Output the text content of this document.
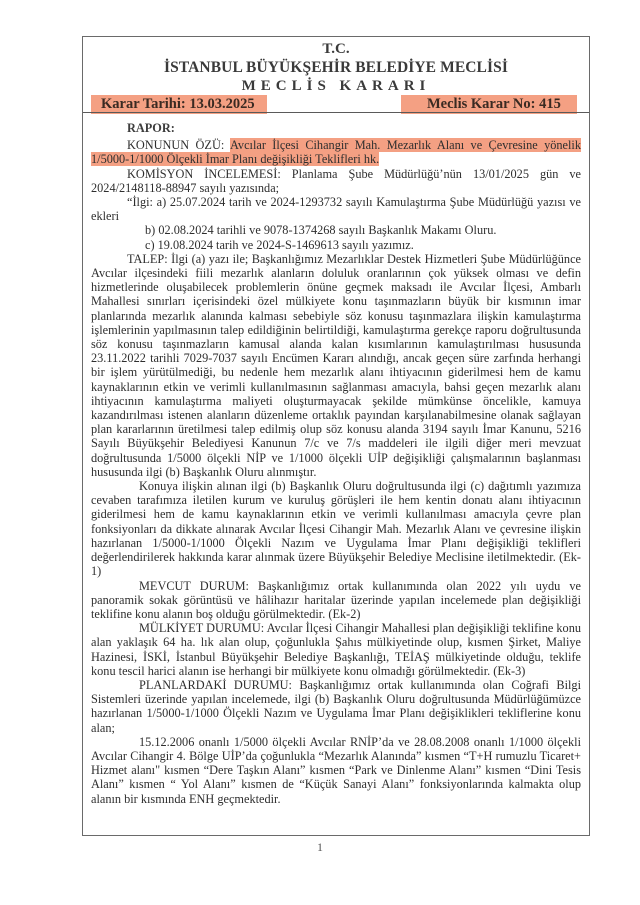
T.C.
İSTANBUL BÜYÜKŞEHİR BELEDİYE MECLİSİ
MECLİS KARARI
Karar Tarihi: 13.03.2025	Meclis Karar No: 415

RAPOR:

KONUNUN ÖZÜ: Avcılar İlçesi Cihangir Mah. Mezarlık Alanı ve Çevresine yönelik 1/5000-1/1000 Ölçekli İmar Planı değişikliği Teklifleri hk.

KOMİSYON İNCELEMESİ: Planlama Şube Müdürlüğü’nün 13/01/2025 gün ve 2024/2148118-88947 sayılı yazısında;

“İlgi: a) 25.07.2024 tarih ve 2024-1293732 sayılı Kamulaştırma Şube Müdürlüğü yazısı ve ekleri

b) 02.08.2024 tarihli ve 9078-1374268 sayılı Başkanlık Makamı Oluru.

c) 19.08.2024 tarih ve 2024-S-1469613 sayılı yazımız.

TALEP: İlgi (a) yazı ile; Başkanlığımız Mezarlıklar Destek Hizmetleri Şube Müdürlüğünce Avcılar ilçesindeki fiili mezarlık alanların doluluk oranlarının çok yüksek olması ve defin hizmetlerinde oluşabilecek problemlerin önüne geçmek maksadı ile Avcılar İlçesi, Ambarlı Mahallesi sınırları içerisindeki özel mülkiyete konu taşınmazların büyük bir kısmının imar planlarında mezarlık alanında kalması sebebiyle söz konusu taşınmazlara ilişkin kamulaştırma işlemlerinin yapılmasının talep edildiğinin belirtildiği, kamulaştırma gerekçe raporu doğrultusunda söz konusu taşınmazların kamusal alanda kalan kısımlarının kamulaştırılması hususunda 23.11.2022 tarihli 7029-7037 sayılı Encümen Kararı alındığı, ancak geçen süre zarfında herhangi bir işlem yürütülmediği, bu nedenle hem mezarlık alanı ihtiyacının giderilmesi hem de kamu kaynaklarının etkin ve verimli kullanılmasının sağlanması amacıyla, bahsi geçen mezarlık alanı ihtiyacının kamulaştırma maliyeti oluşturmayacak şekilde mümkünse öncelikle, kamuya kazandırılması istenen alanların düzenleme ortaklık payından karşılanabilmesine olanak sağlayan plan kararlarının üretilmesi talep edilmiş olup söz konusu alanda 3194 sayılı İmar Kanunu, 5216 Sayılı Büyükşehir Belediyesi Kanunun 7/c ve 7/s maddeleri ile ilgili diğer meri mevzuat doğrultusunda 1/5000 ölçekli NİP ve 1/1000 ölçekli UİP değişikliği çalışmalarının başlanması hususunda ilgi (b) Başkanlık Oluru alınmıştır.

Konuya ilişkin alınan ilgi (b) Başkanlık Oluru doğrultusunda ilgi (c) dağıtımlı yazımıza cevaben tarafımıza iletilen kurum ve kuruluş görüşleri ile hem kentin donatı alanı ihtiyacının giderilmesi hem de kamu kaynaklarının etkin ve verimli kullanılması amacıyla çevre plan fonksiyonları da dikkate alınarak Avcılar İlçesi Cihangir Mah. Mezarlık Alanı ve çevresine ilişkin hazırlanan 1/5000-1/1000 Ölçekli Nazım ve Uygulama İmar Planı değişikliği teklifleri değerlendirilerek hakkında karar alınmak üzere Büyükşehir Belediye Meclisine iletilmektedir. (Ek-1)

MEVCUT DURUM: Başkanlığımız ortak kullanımında olan 2022 yılı uydu ve panoramik sokak görüntüsü ve hâlihazır haritalar üzerinde yapılan incelemede plan değişikliği teklifine konu alanın boş olduğu görülmektedir. (Ek-2)

MÜLKİYET DURUMU: Avcılar İlçesi Cihangir Mahallesi plan değişikliği teklifine konu alan yaklaşık 64 ha. lık alan olup, çoğunlukla Şahıs mülkiyetinde olup, kısmen Şirket, Maliye Hazinesi, İSKİ, İstanbul Büyükşehir Belediye Başkanlığı, TEİAŞ mülkiyetinde olduğu, teklife konu tescil harici alanın ise herhangi bir mülkiyete konu olmadığı görülmektedir. (Ek-3)

PLANLARDAKİ DURUMU: Başkanlığımız ortak kullanımında olan Coğrafi Bilgi Sistemleri üzerinde yapılan incelemede, ilgi (b) Başkanlık Oluru doğrultusunda Müdürlüğümüzce hazırlanan 1/5000-1/1000 Ölçekli Nazım ve Uygulama İmar Planı değişiklikleri tekliflerine konu alan;

15.12.2006 onanlı 1/5000 ölçekli Avcılar RNİP’da ve 28.08.2008 onanlı 1/1000 ölçekli Avcılar Cihangir 4. Bölge UİP’da çoğunlukla “Mezarlık Alanında” kısmen “T+H rumuzlu Ticaret+ Hizmet alanı" kısmen “Dere Taşkın Alanı” kısmen “Park ve Dinlenme Alanı” kısmen “Dini Tesis Alanı” kısmen “ Yol Alanı” kısmen de “Küçük Sanayi Alanı” fonksiyonlarında kalmakta olup alanın bir kısmında ENH geçmektedir.

1
